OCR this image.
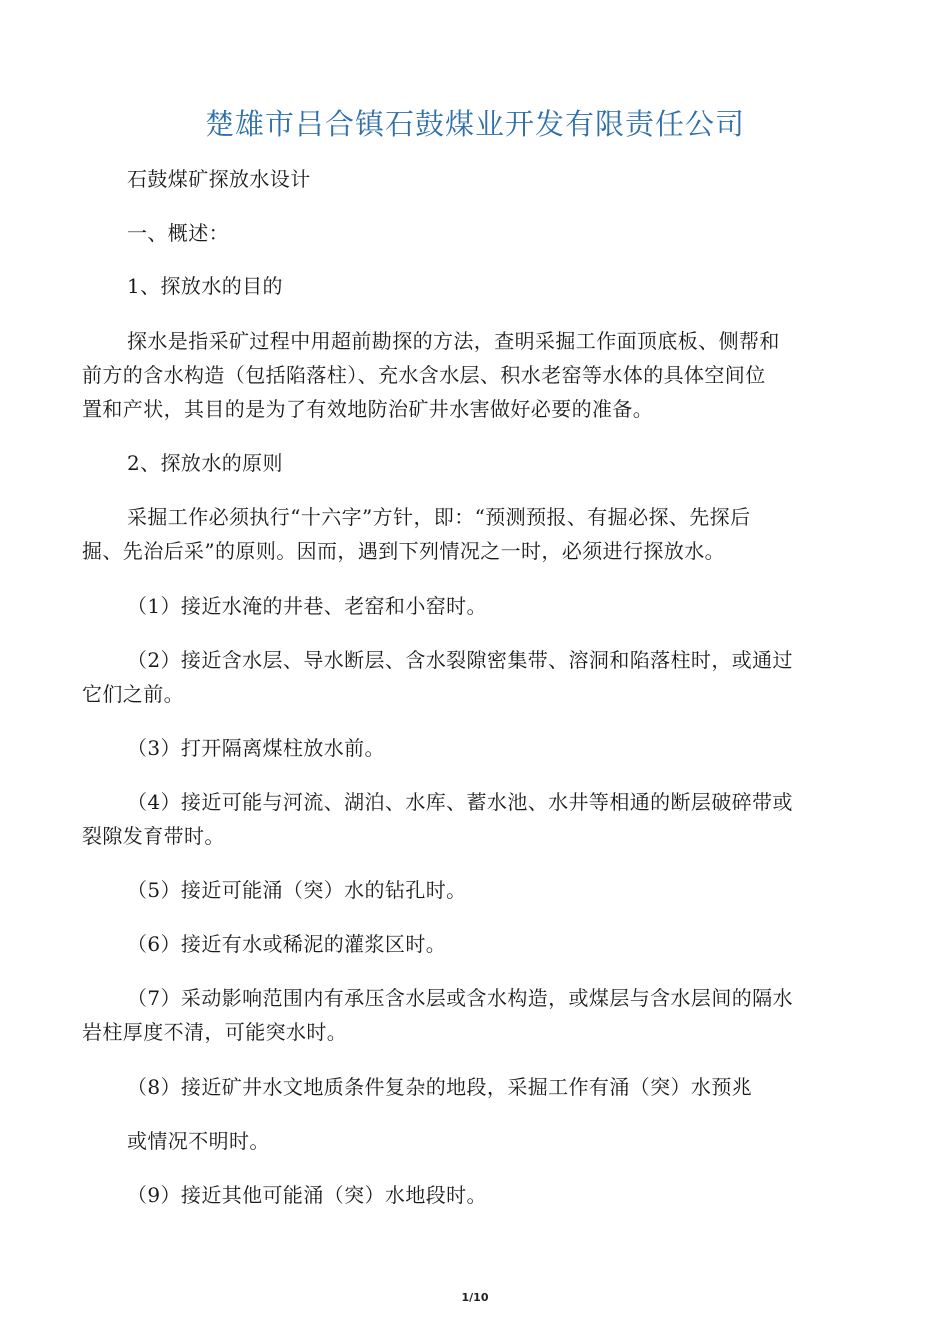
楚雄市吕合镇石鼓煤业开发有限责任公司
石鼓煤矿探放水设计
一、概述：
1、探放水的目的
探水是指采矿过程中用超前勘探的方法，查明采掘工作面顶底板、侧帮和
前方的含水构造（包括陷落柱）、充水含水层、积水老窑等水体的具体空间位
置和产状，其目的是为了有效地防治矿井水害做好必要的准备。
2、探放水的原则
采掘工作必须执行“十六字”方针，即：“预测预报、有掘必探、先探后
掘、先治后采”的原则。因而，遇到下列情况之一时，必须进行探放水。
（1）接近水淹的井巷、老窑和小窑时。
（2）接近含水层、导水断层、含水裂隙密集带、溶洞和陷落柱时，或通过
它们之前。
（3）打开隔离煤柱放水前。
（4）接近可能与河流、湖泊、水库、蓄水池、水井等相通的断层破碎带或
裂隙发育带时。
（5）接近可能涌（突）水的钻孔时。
（6）接近有水或稀泥的灌浆区时。
（7）采动影响范围内有承压含水层或含水构造，或煤层与含水层间的隔水
岩柱厚度不清，可能突水时。
（8）接近矿井水文地质条件复杂的地段，采掘工作有涌（突）水预兆
或情况不明时。
（9）接近其他可能涌（突）水地段时。
1/10
